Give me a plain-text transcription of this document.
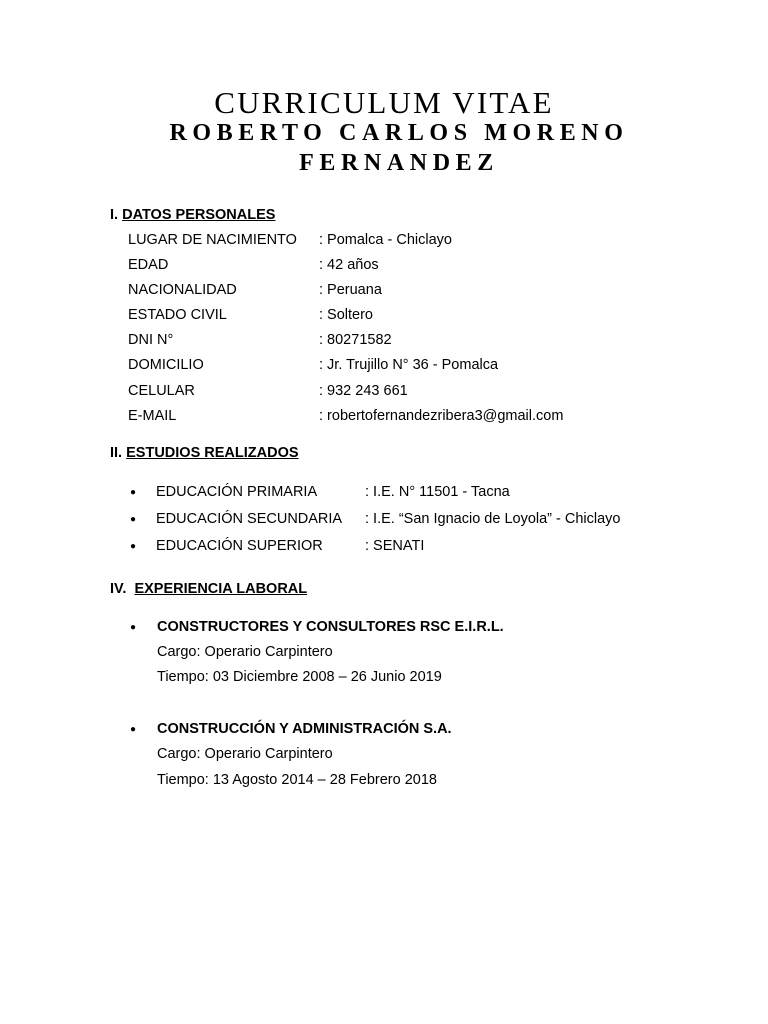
CURRICULUM VITAE
ROBERTO CARLOS MORENO
FERNANDEZ
I. DATOS PERSONALES
LUGAR DE NACIMIENTO : Pomalca - Chiclayo
EDAD	: 42 años
NACIONALIDAD	: Peruana
ESTADO CIVIL	: Soltero
DNI N°	: 80271582
DOMICILIO	: Jr. Trujillo N° 36 - Pomalca
CELULAR	: 932 243 661
E-MAIL	: robertofernandezribera3@gmail.com
II. ESTUDIOS REALIZADOS
● EDUCACIÓN PRIMARIA	: I.E. N° 11501 - Tacna
● EDUCACIÓN SECUNDARIA : I.E. “San Ignacio de Loyola” - Chiclayo
● EDUCACIÓN SUPERIOR	: SENATI
IV. EXPERIENCIA LABORAL
● CONSTRUCTORES Y CONSULTORES RSC E.I.R.L.
Cargo: Operario Carpintero
Tiempo: 03 Diciembre 2008 – 26 Junio 2019
● CONSTRUCCIÓN Y ADMINISTRACIÓN S.A.
Cargo: Operario Carpintero
Tiempo: 13 Agosto 2014 – 28 Febrero 2018
